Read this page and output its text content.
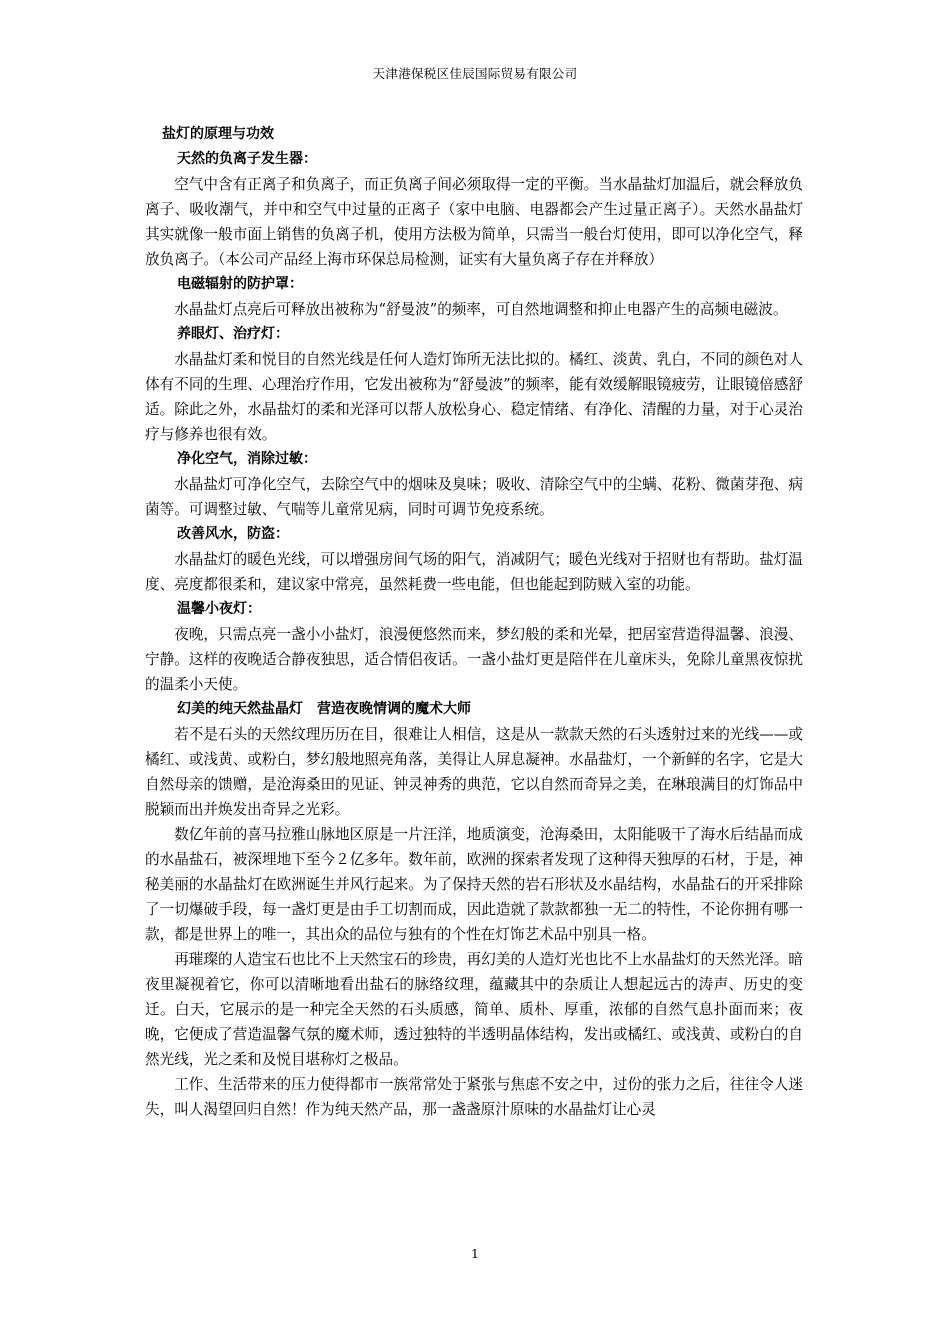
天津港保税区佳辰国际贸易有限公司

盐灯的原理与功效

天然的负离子发生器：

空气中含有正离子和负离子，而正负离子间必须取得一定的平衡。当水晶盐灯加温后，就会释放负离子、吸收潮气，并中和空气中过量的正离子（家中电脑、电器都会产生过量正离子）。天然水晶盐灯其实就像一般市面上销售的负离子机，使用方法极为简单，只需当一般台灯使用，即可以净化空气，释放负离子。（本公司产品经上海市环保总局检测，证实有大量负离子存在并释放）

电磁辐射的防护罩：

水晶盐灯点亮后可释放出被称为“舒曼波”的频率，可自然地调整和抑止电器产生的高频电磁波。

养眼灯、治疗灯：

水晶盐灯柔和悦目的自然光线是任何人造灯饰所无法比拟的。橘红、淡黄、乳白，不同的颜色对人体有不同的生理、心理治疗作用，它发出被称为“舒曼波”的频率，能有效缓解眼镜疲劳，让眼镜倍感舒适。除此之外，水晶盐灯的柔和光泽可以帮人放松身心、稳定情绪、有净化、清醒的力量，对于心灵治疗与修养也很有效。

净化空气，消除过敏：

水晶盐灯可净化空气，去除空气中的烟味及臭味；吸收、清除空气中的尘螨、花粉、微菌芽孢、病菌等。可调整过敏、气喘等儿童常见病，同时可调节免疫系统。

改善风水，防盗：

水晶盐灯的暖色光线，可以增强房间气场的阳气，消减阴气；暖色光线对于招财也有帮助。盐灯温度、亮度都很柔和，建议家中常亮，虽然耗费一些电能，但也能起到防贼入室的功能。

温馨小夜灯：

夜晚，只需点亮一盏小小盐灯，浪漫便悠然而来，梦幻般的柔和光晕，把居室营造得温馨、浪漫、宁静。这样的夜晚适合静夜独思，适合情侣夜话。一盏小盐灯更是陪伴在儿童床头，免除儿童黑夜惊扰的温柔小天使。

幻美的纯天然盐晶灯　营造夜晚情调的魔术大师

若不是石头的天然纹理历历在目，很难让人相信，这是从一款款天然的石头透射过来的光线——或橘红、或浅黄、或粉白，梦幻般地照亮角落，美得让人屏息凝神。水晶盐灯，一个新鲜的名字，它是大自然母亲的馈赠，是沧海桑田的见证、钟灵神秀的典范，它以自然而奇异之美，在琳琅满目的灯饰品中脱颖而出并焕发出奇异之光彩。

数亿年前的喜马拉雅山脉地区原是一片汪洋，地质演变，沧海桑田，太阳能吸干了海水后结晶而成的水晶盐石，被深埋地下至今２亿多年。数年前，欧洲的探索者发现了这种得天独厚的石材，于是，神秘美丽的水晶盐灯在欧洲诞生并风行起来。为了保持天然的岩石形状及水晶结构，水晶盐石的开采排除了一切爆破手段，每一盏灯更是由手工切割而成，因此造就了款款都独一无二的特性，不论你拥有哪一款，都是世界上的唯一，其出众的品位与独有的个性在灯饰艺术品中别具一格。

再璀璨的人造宝石也比不上天然宝石的珍贵，再幻美的人造灯光也比不上水晶盐灯的天然光泽。暗夜里凝视着它，你可以清晰地看出盐石的脉络纹理，蕴藏其中的杂质让人想起远古的涛声、历史的变迁。白天，它展示的是一种完全天然的石头质感，简单、质朴、厚重，浓郁的自然气息扑面而来；夜晚，它便成了营造温馨气氛的魔术师，透过独特的半透明晶体结构，发出或橘红、或浅黄、或粉白的自然光线，光之柔和及悦目堪称灯之极品。

工作、生活带来的压力使得都市一族常常处于紧张与焦虑不安之中，过份的张力之后，往往令人迷失，叫人渴望回归自然！作为纯天然产品，那一盏盏原汁原味的水晶盐灯让心灵

1
